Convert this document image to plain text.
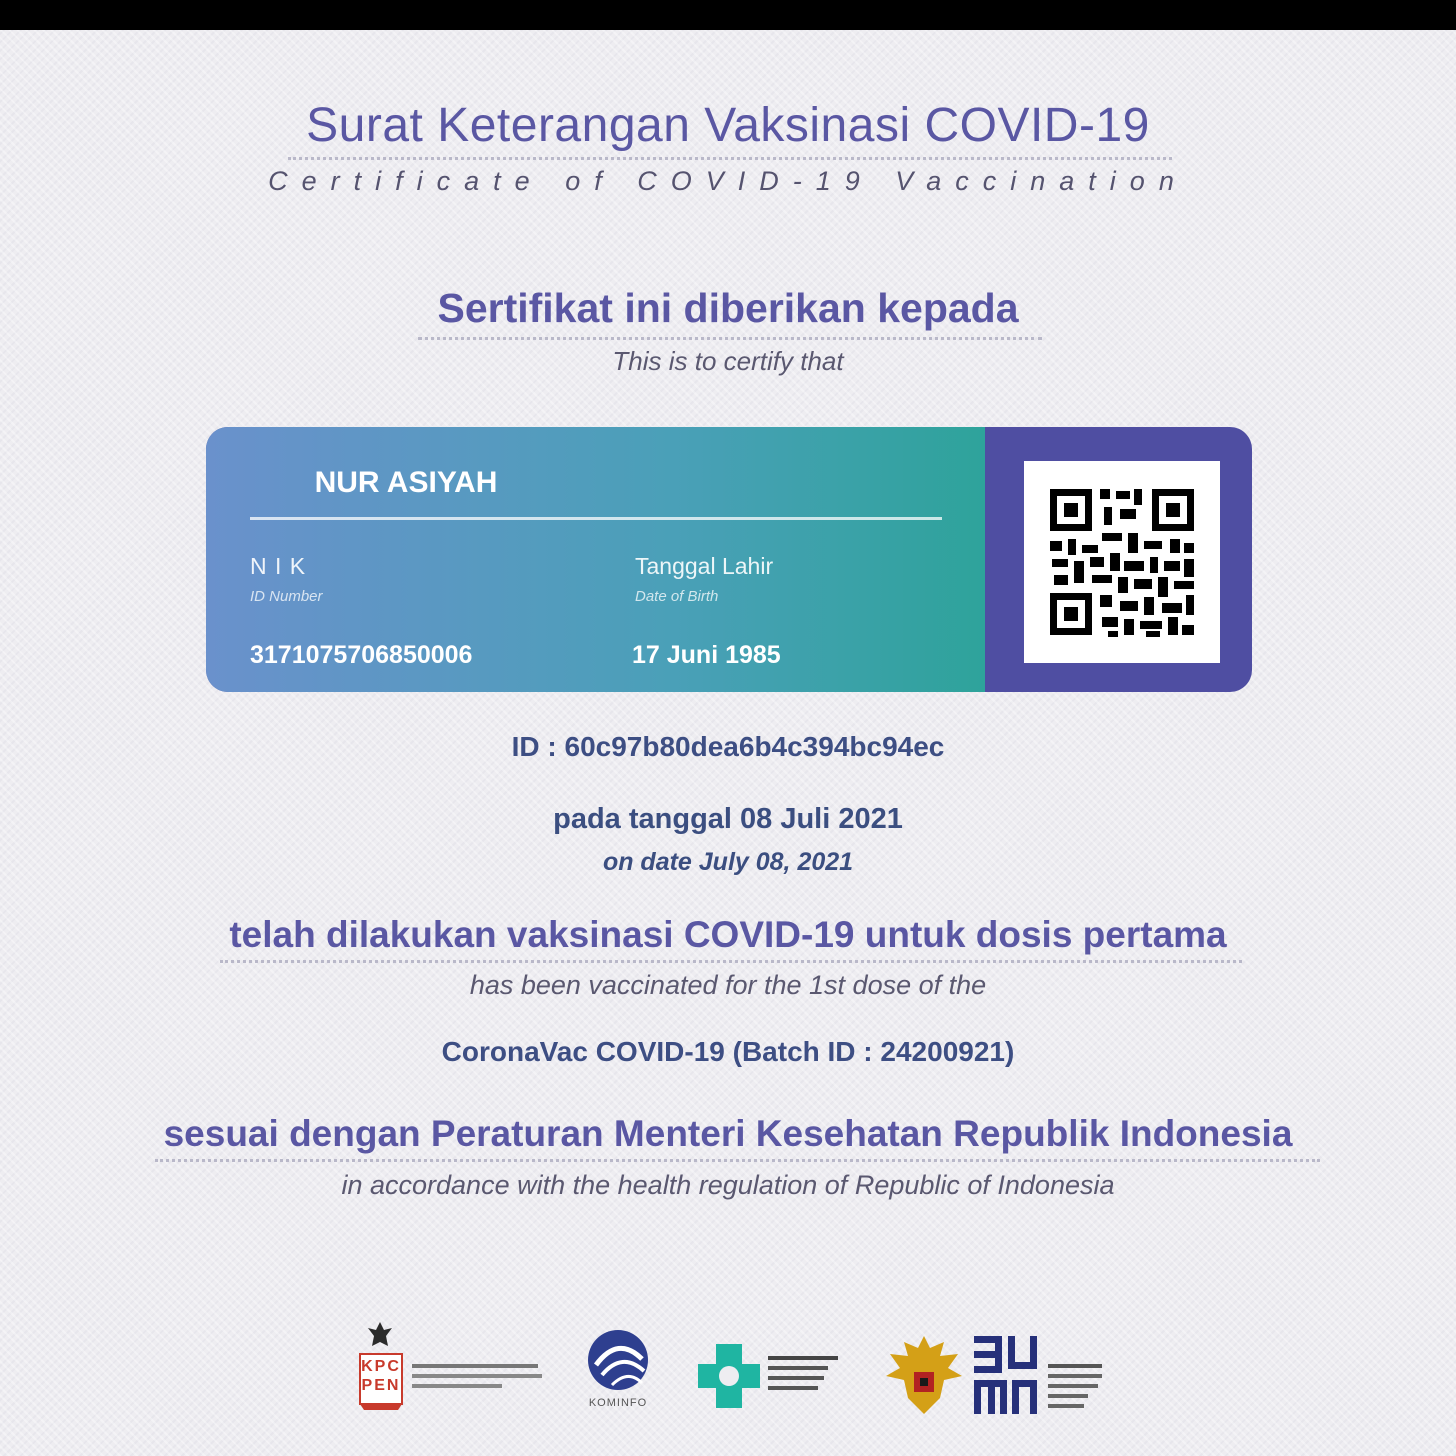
Surat Keterangan Vaksinasi COVID-19
Certificate of COVID-19 Vaccination
Sertifikat ini diberikan kepada
This is to certify that
NUR ASIYAH
N I K
ID Number
3171075706850006
Tanggal Lahir
Date of Birth
17 Juni 1985
ID : 60c97b80dea6b4c394bc94ec
pada tanggal 08 Juli 2021
on date July 08, 2021
telah dilakukan vaksinasi COVID-19 untuk dosis pertama
has been vaccinated for the 1st dose of the
CoronaVac COVID-19 (Batch ID : 24200921)
sesuai dengan Peraturan Menteri Kesehatan Republik Indonesia
in accordance with the health regulation of Republic of Indonesia
KPC PEN
KOMINFO
